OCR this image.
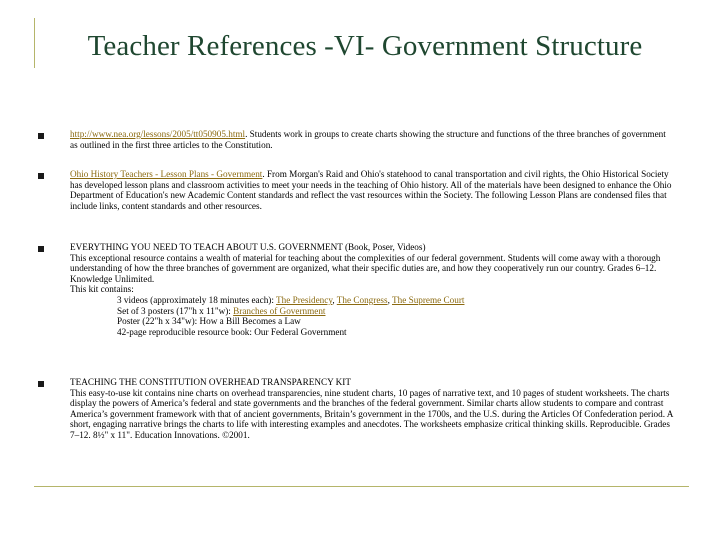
Teacher References -VI- Government Structure

http://www.nea.org/lessons/2005/tt050905.html. Students work in groups to create charts showing the structure and functions of the three branches of government as outlined in the first three articles to the Constitution.

Ohio History Teachers - Lesson Plans - Government. From Morgan's Raid and Ohio's statehood to canal transportation and civil rights, the Ohio Historical Society has developed lesson plans and classroom activities to meet your needs in the teaching of Ohio history. All of the materials have been designed to enhance the Ohio Department of Education's new Academic Content standards and reflect the vast resources within the Society. The following Lesson Plans are condensed files that include links, content standards and other resources.

EVERYTHING YOU NEED TO TEACH ABOUT U.S. GOVERNMENT (Book, Poser, Videos)

This exceptional resource contains a wealth of material for teaching about the complexities of our federal government. Students will come away with a thorough understanding of how the three branches of government are organized, what their specific duties are, and how they cooperatively run our country. Grades 6–12. Knowledge Unlimited.

This kit contains:

3 videos (approximately 18 minutes each): The Presidency, The Congress, The Supreme Court

Set of 3 posters (17"h x 11"w): Branches of Government

Poster (22"h x 34"w): How a Bill Becomes a Law

42-page reproducible resource book: Our Federal Government

TEACHING THE CONSTITUTION OVERHEAD TRANSPARENCY KIT

This easy-to-use kit contains nine charts on overhead transparencies, nine student charts, 10 pages of narrative text, and 10 pages of student worksheets. The charts display the powers of America’s federal and state governments and the branches of the federal government. Similar charts allow students to compare and contrast America’s government framework with that of ancient governments, Britain’s government in the 1700s, and the U.S. during the Articles Of Confederation period. A short, engaging narrative brings the charts to life with interesting examples and anecdotes. The worksheets emphasize critical thinking skills. Reproducible. Grades 7–12. 8½" x 11". Education Innovations. ©2001.
